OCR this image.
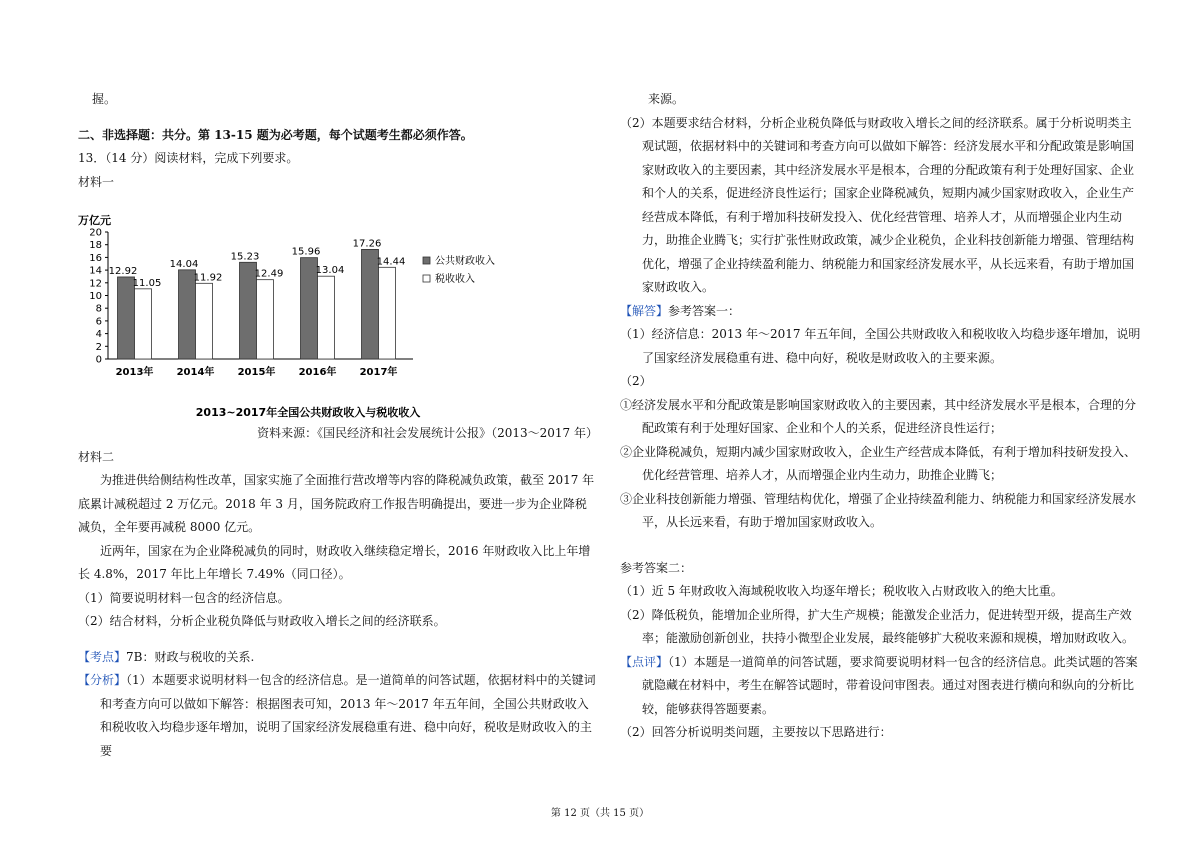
握。

二、非选择题：共分。第 13-15 题为必考题，每个试题考生都必须作答。

13．（14 分）阅读材料，完成下列要求。

材料一

万亿元
0
2
4
6
8
10
12
14
16
18
20
12.92
11.05
2013年
14.04
11.92
2014年
15.23
12.49
2015年
15.96
13.04
2016年
17.26
14.44
2017年
公共财政收入
税收收入
2013~2017年全国公共财政收入与税收收入

资料来源：《国民经济和社会发展统计公报》（2013～2017 年）

材料二

为推进供给侧结构性改革，国家实施了全面推行营改增等内容的降税减负政策，截至 2017 年底累计减税超过 2 万亿元。2018 年 3 月，国务院政府工作报告明确提出，要进一步为企业降税减负，全年要再减税 8000 亿元。

近两年，国家在为企业降税减负的同时，财政收入继续稳定增长，2016 年财政收入比上年增长 4.8%，2017 年比上年增长 7.49%（同口径）。

（1）简要说明材料一包含的经济信息。

（2）结合材料，分析企业税负降低与财政收入增长之间的经济联系。

【考点】7B：财政与税收的关系.

【分析】（1）本题要求说明材料一包含的经济信息。是一道简单的问答试题，依据材料中的关键词和考查方向可以做如下解答：根据图表可知，2013 年〜2017 年五年间，全国公共财政收入和税收收入均稳步逐年增加，说明了国家经济发展稳重有进、稳中向好，税收是财政收入的主要

来源。

（2）本题要求结合材料，分析企业税负降低与财政收入增长之间的经济联系。属于分析说明类主观试题，依据材料中的关键词和考查方向可以做如下解答：经济发展水平和分配政策是影响国家财政收入的主要因素，其中经济发展水平是根本，合理的分配政策有利于处理好国家、企业和个人的关系，促进经济良性运行；国家企业降税减负，短期内减少国家财政收入，企业生产经营成本降低，有利于增加科技研发投入、优化经营管理、培养人才，从而增强企业内生动力，助推企业腾飞；实行扩张性财政政策，减少企业税负，企业科技创新能力增强、管理结构优化，增强了企业持续盈利能力、纳税能力和国家经济发展水平，从长远来看，有助于增加国家财政收入。

【解答】参考答案一：

（1）经济信息：2013 年〜2017 年五年间，全国公共财政收入和税收收入均稳步逐年增加，说明了国家经济发展稳重有进、稳中向好，税收是财政收入的主要来源。

（2）

①经济发展水平和分配政策是影响国家财政收入的主要因素，其中经济发展水平是根本，合理的分配政策有利于处理好国家、企业和个人的关系，促进经济良性运行；

②企业降税减负，短期内减少国家财政收入，企业生产经营成本降低，有利于增加科技研发投入、优化经营管理、培养人才，从而增强企业内生动力，助推企业腾飞；

③企业科技创新能力增强、管理结构优化，增强了企业持续盈利能力、纳税能力和国家经济发展水平，从长远来看，有助于增加国家财政收入。

参考答案二：

（1）近 5 年财政收入海域税收收入均逐年增长；税收收入占财政收入的绝大比重。

（2）降低税负，能增加企业所得，扩大生产规模；能激发企业活力，促进转型开级，提高生产效率；能激励创新创业，扶持小微型企业发展，最终能够扩大税收来源和规模，增加财政收入。

【点评】（1）本题是一道简单的问答试题，要求简要说明材料一包含的经济信息。此类试题的答案就隐藏在材料中，考生在解答试题时，带着设问审图表。通过对图表进行横向和纵向的分析比较，能够获得答题要素。

（2）回答分析说明类问题，主要按以下思路进行：

第 12 页（共 15 页）
